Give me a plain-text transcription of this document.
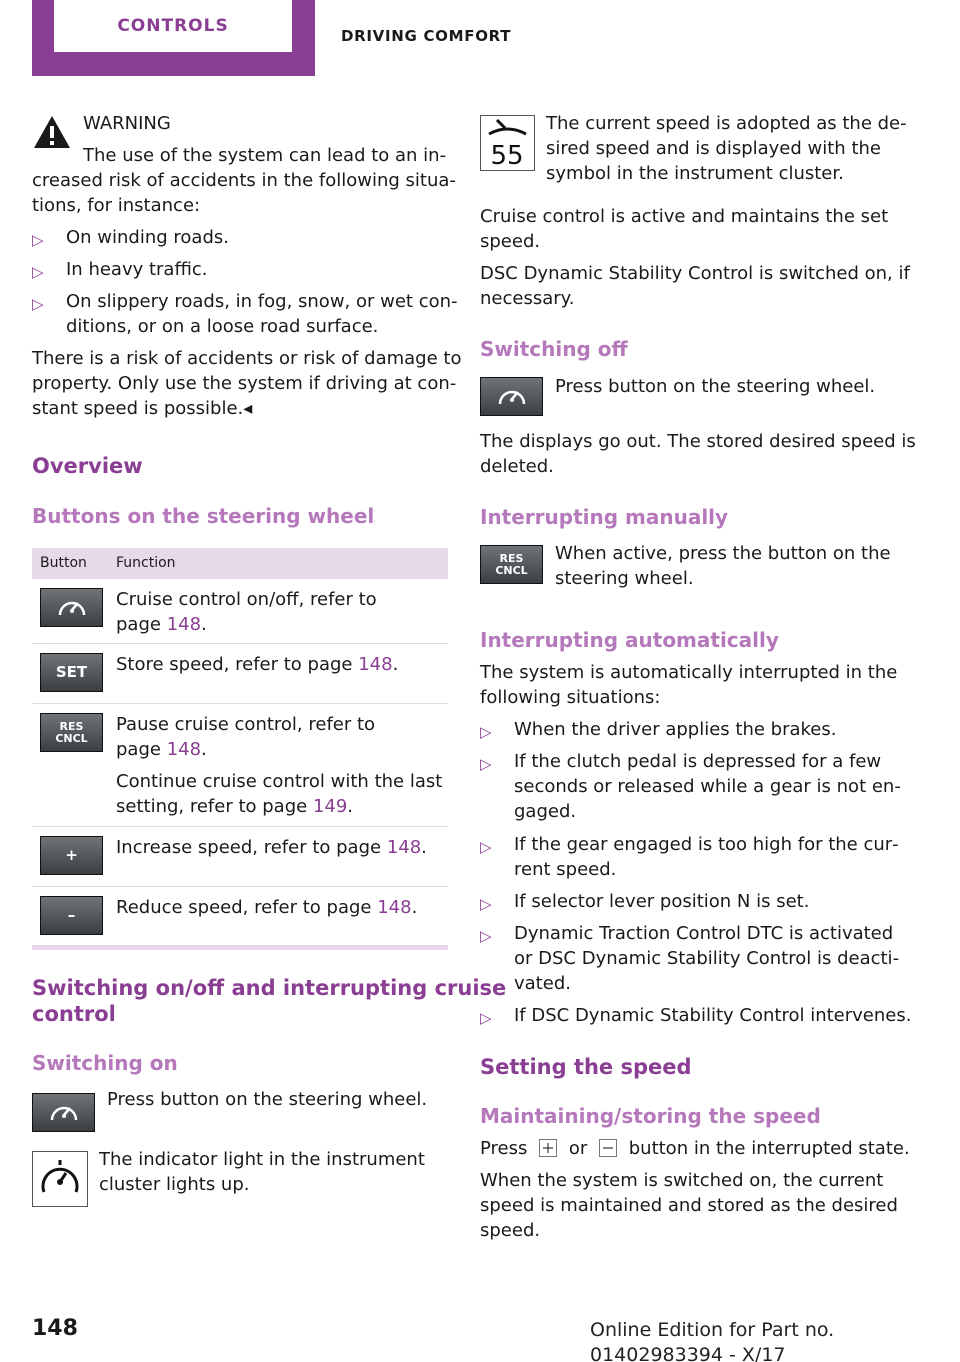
CONTROLS
DRIVING COMFORT
WARNING
The use of the system can lead to an in‐
creased risk of accidents in the following situa‐
tions, for instance:
▷ On winding roads.
▷ In heavy traffic.
▷ On slippery roads, in fog, snow, or wet con‐
ditions, or on a loose road surface.
There is a risk of accidents or risk of damage to
property. Only use the system if driving at con‐
stant speed is possible.◂
Overview
Buttons on the steering wheel
Button Function
Cruise control on/off, refer to
page 148.
SET Store speed, refer to page 148.
RES
CNCL
Pause cruise control, refer to
page 148.
Continue cruise control with the last
setting, refer to page 149.
+ Increase speed, refer to page 148.
– Reduce speed, refer to page 148.
Switching on/off and interrupting cruise
control
Switching on
Press button on the steering wheel.
The indicator light in the instrument
cluster lights up.
55
The current speed is adopted as the de‐
sired speed and is displayed with the
symbol in the instrument cluster.
Cruise control is active and maintains the set
speed.
DSC Dynamic Stability Control is switched on, if
necessary.
Switching off
Press button on the steering wheel.
The displays go out. The stored desired speed is
deleted.
Interrupting manually
RES
CNCL
When active, press the button on the
steering wheel.
Interrupting automatically
The system is automatically interrupted in the
following situations:
▷ When the driver applies the brakes.
▷ If the clutch pedal is depressed for a few
seconds or released while a gear is not en‐
gaged.
▷ If the gear engaged is too high for the cur‐
rent speed.
▷ If selector lever position N is set.
▷ Dynamic Traction Control DTC is activated
or DSC Dynamic Stability Control is deacti‐
vated.
▷ If DSC Dynamic Stability Control intervenes.
Setting the speed
Maintaining/storing the speed
Press or button in the interrupted state.
When the system is switched on, the current
speed is maintained and stored as the desired
speed.
148	Online Edition for Part no. 01402983394 - X/17
